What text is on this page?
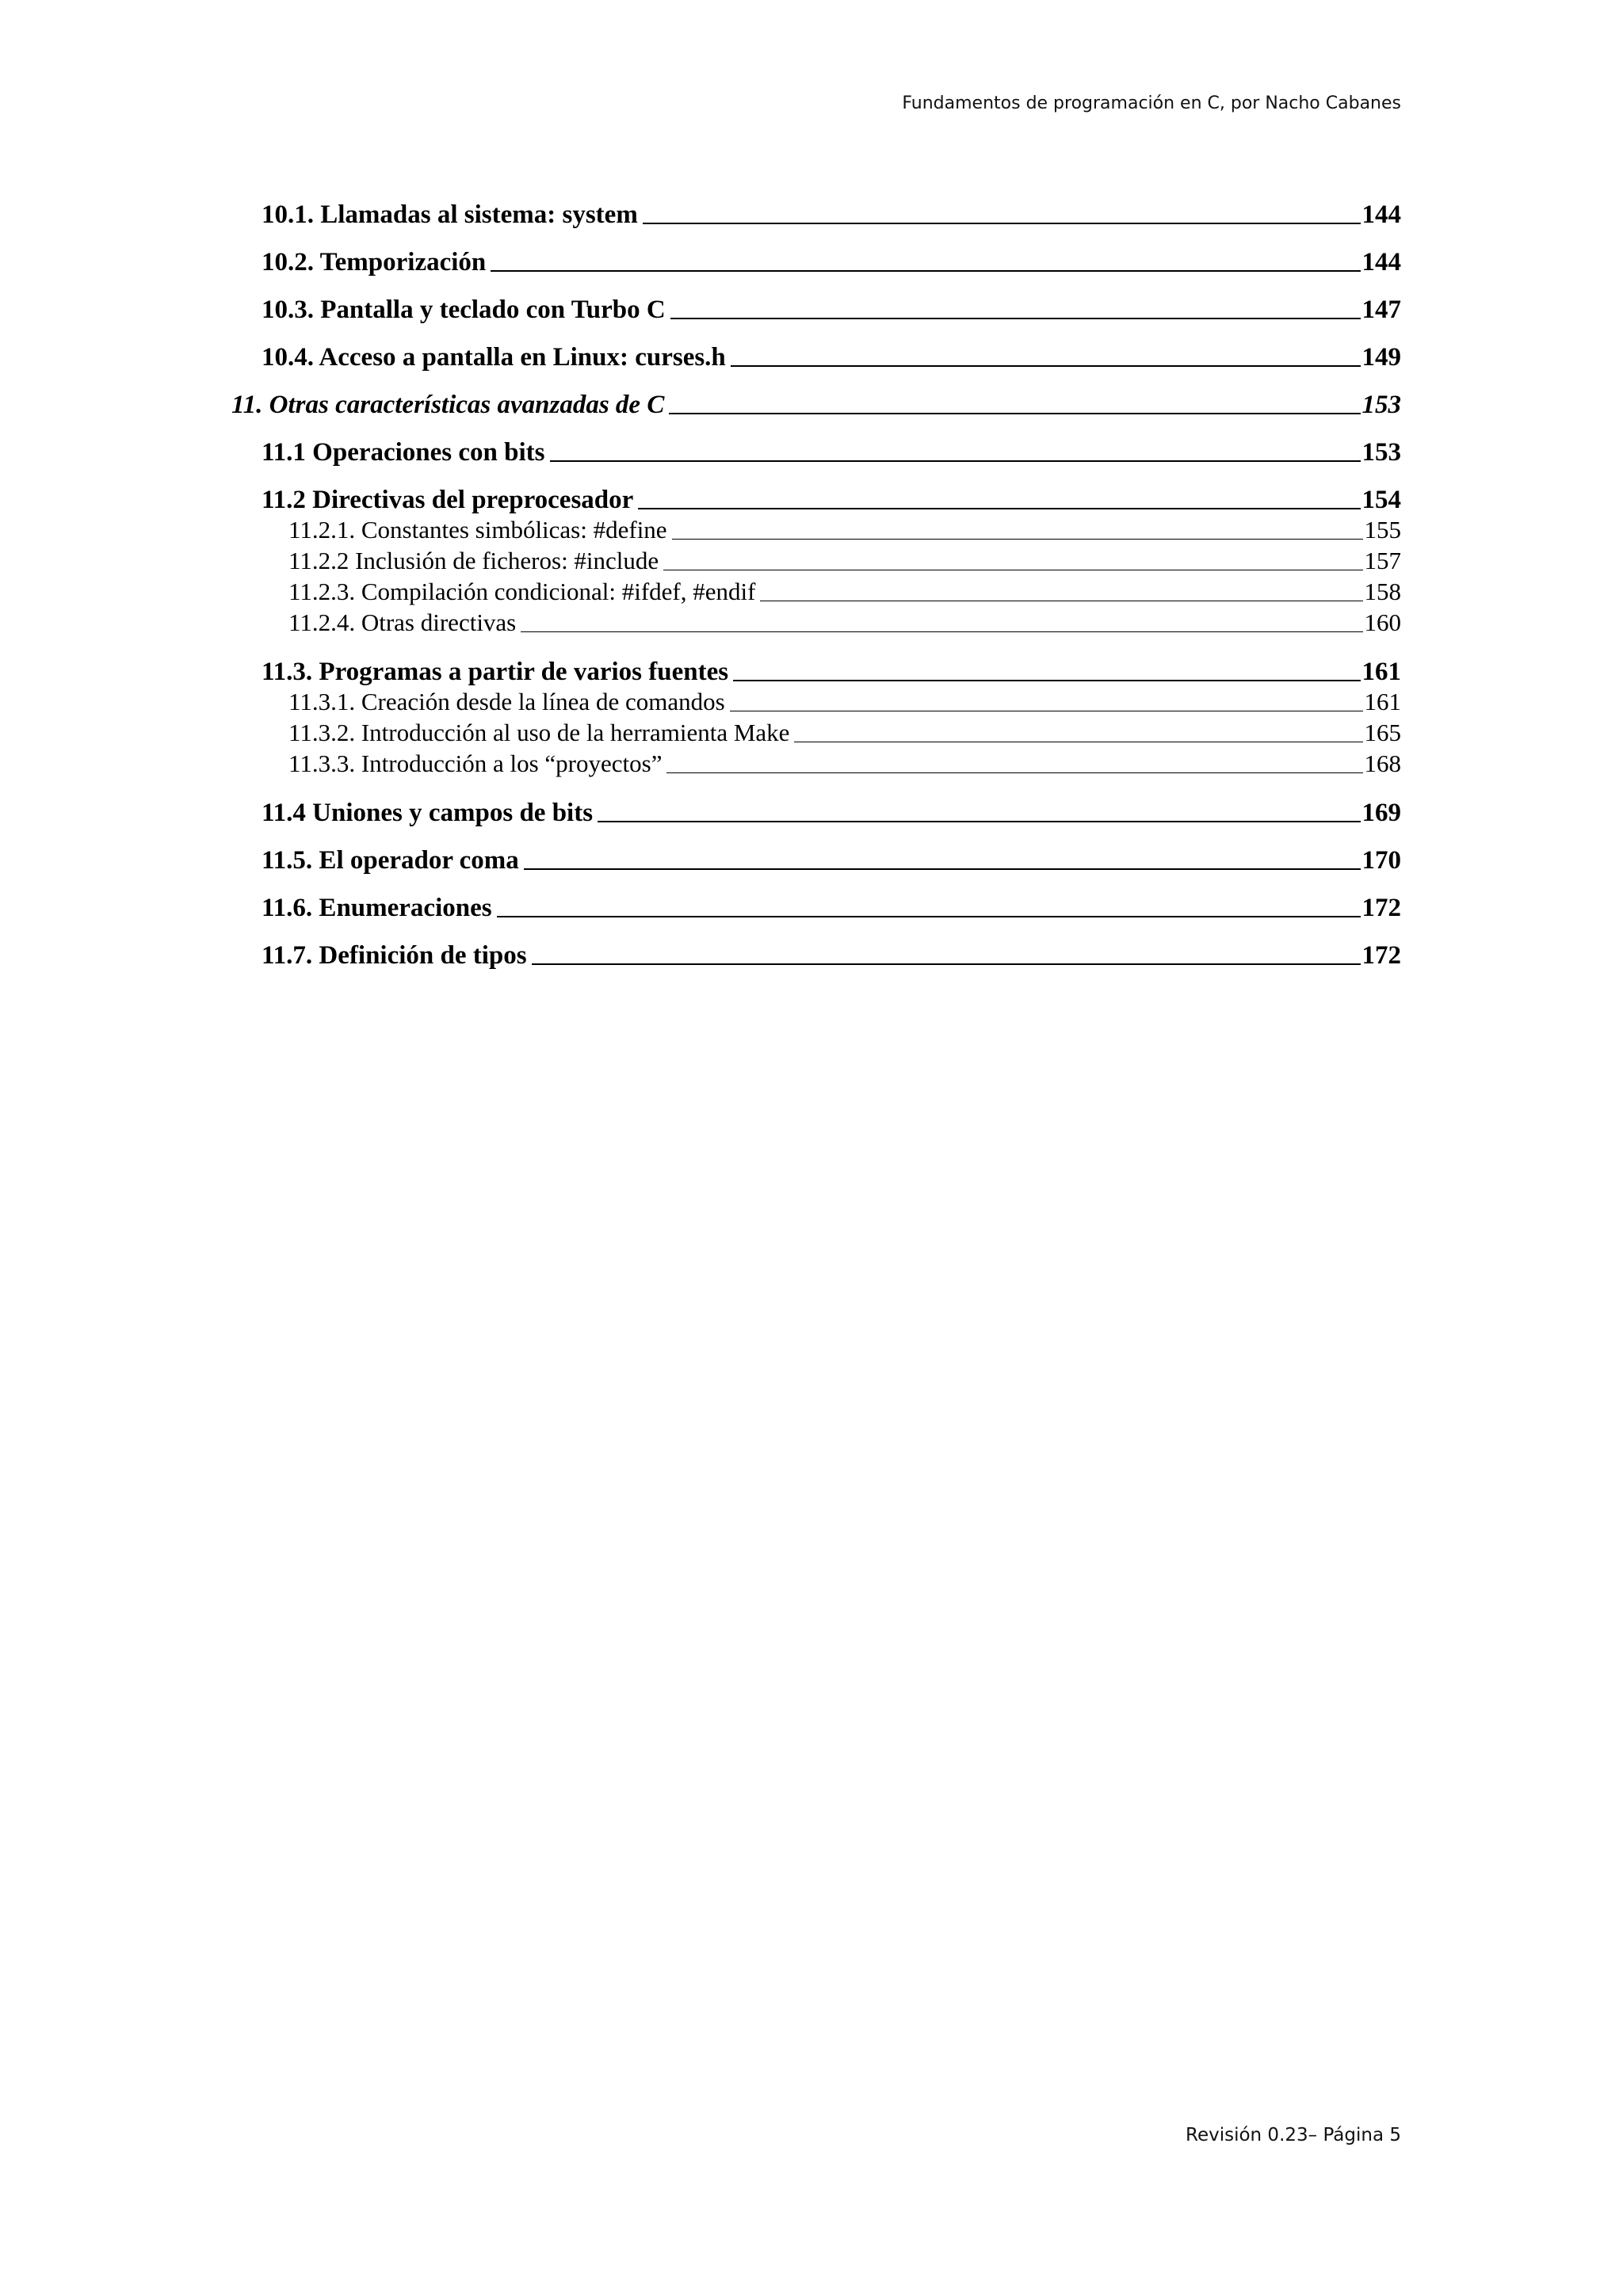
Fundamentos de programación en C, por Nacho Cabanes
10.1. Llamadas al sistema: system	144
10.2. Temporización	144
10.3. Pantalla y teclado con Turbo C	147
10.4. Acceso a pantalla en Linux: curses.h	149
11. Otras características avanzadas de C	153
11.1 Operaciones con bits	153
11.2 Directivas del preprocesador	154
11.2.1. Constantes simbólicas: #define	155
11.2.2 Inclusión de ficheros: #include	157
11.2.3. Compilación condicional: #ifdef, #endif	158
11.2.4. Otras directivas	160
11.3. Programas a partir de varios fuentes	161
11.3.1. Creación desde la línea de comandos	161
11.3.2. Introducción al uso de la herramienta Make	165
11.3.3. Introducción a los “proyectos”	168
11.4 Uniones y campos de bits	169
11.5. El operador coma	170
11.6. Enumeraciones	172
11.7. Definición de tipos	172
Revisión 0.23– Página 5
